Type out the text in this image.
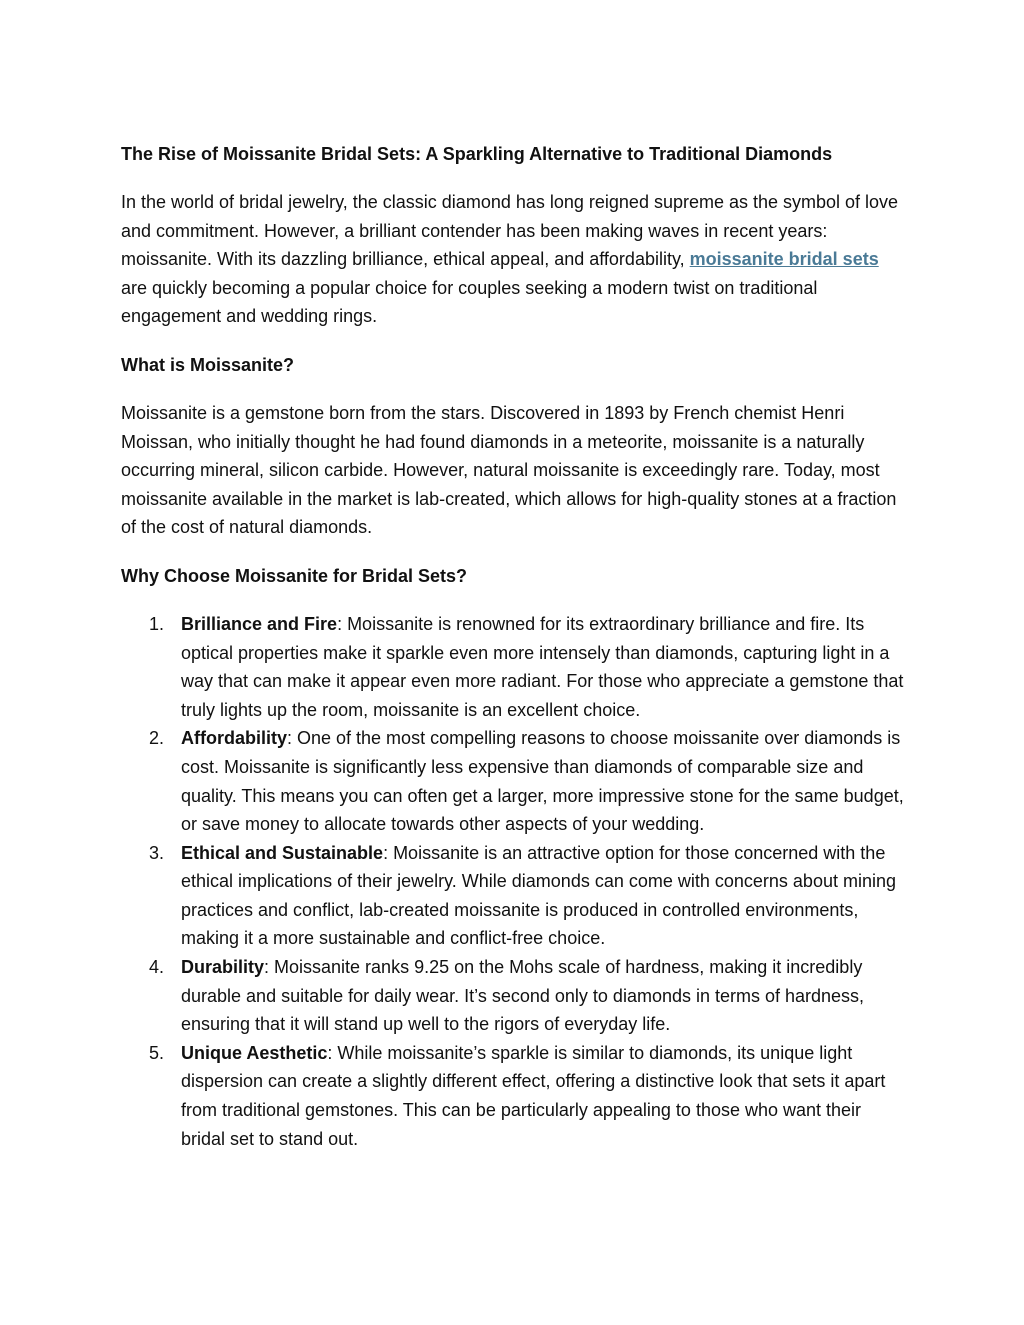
The Rise of Moissanite Bridal Sets: A Sparkling Alternative to Traditional Diamonds

In the world of bridal jewelry, the classic diamond has long reigned supreme as the symbol of love and commitment. However, a brilliant contender has been making waves in recent years: moissanite. With its dazzling brilliance, ethical appeal, and affordability, moissanite bridal sets are quickly becoming a popular choice for couples seeking a modern twist on traditional engagement and wedding rings.

What is Moissanite?

Moissanite is a gemstone born from the stars. Discovered in 1893 by French chemist Henri Moissan, who initially thought he had found diamonds in a meteorite, moissanite is a naturally occurring mineral, silicon carbide. However, natural moissanite is exceedingly rare. Today, most moissanite available in the market is lab-created, which allows for high-quality stones at a fraction of the cost of natural diamonds.

Why Choose Moissanite for Bridal Sets?
1. Brilliance and Fire: Moissanite is renowned for its extraordinary brilliance and fire. Its optical properties make it sparkle even more intensely than diamonds, capturing light in a way that can make it appear even more radiant. For those who appreciate a gemstone that truly lights up the room, moissanite is an excellent choice.
2. Affordability: One of the most compelling reasons to choose moissanite over diamonds is cost. Moissanite is significantly less expensive than diamonds of comparable size and quality. This means you can often get a larger, more impressive stone for the same budget, or save money to allocate towards other aspects of your wedding.
3. Ethical and Sustainable: Moissanite is an attractive option for those concerned with the ethical implications of their jewelry. While diamonds can come with concerns about mining practices and conflict, lab-created moissanite is produced in controlled environments, making it a more sustainable and conflict-free choice.
4. Durability: Moissanite ranks 9.25 on the Mohs scale of hardness, making it incredibly durable and suitable for daily wear. It’s second only to diamonds in terms of hardness, ensuring that it will stand up well to the rigors of everyday life.
5. Unique Aesthetic: While moissanite’s sparkle is similar to diamonds, its unique light dispersion can create a slightly different effect, offering a distinctive look that sets it apart from traditional gemstones. This can be particularly appealing to those who want their bridal set to stand out.
